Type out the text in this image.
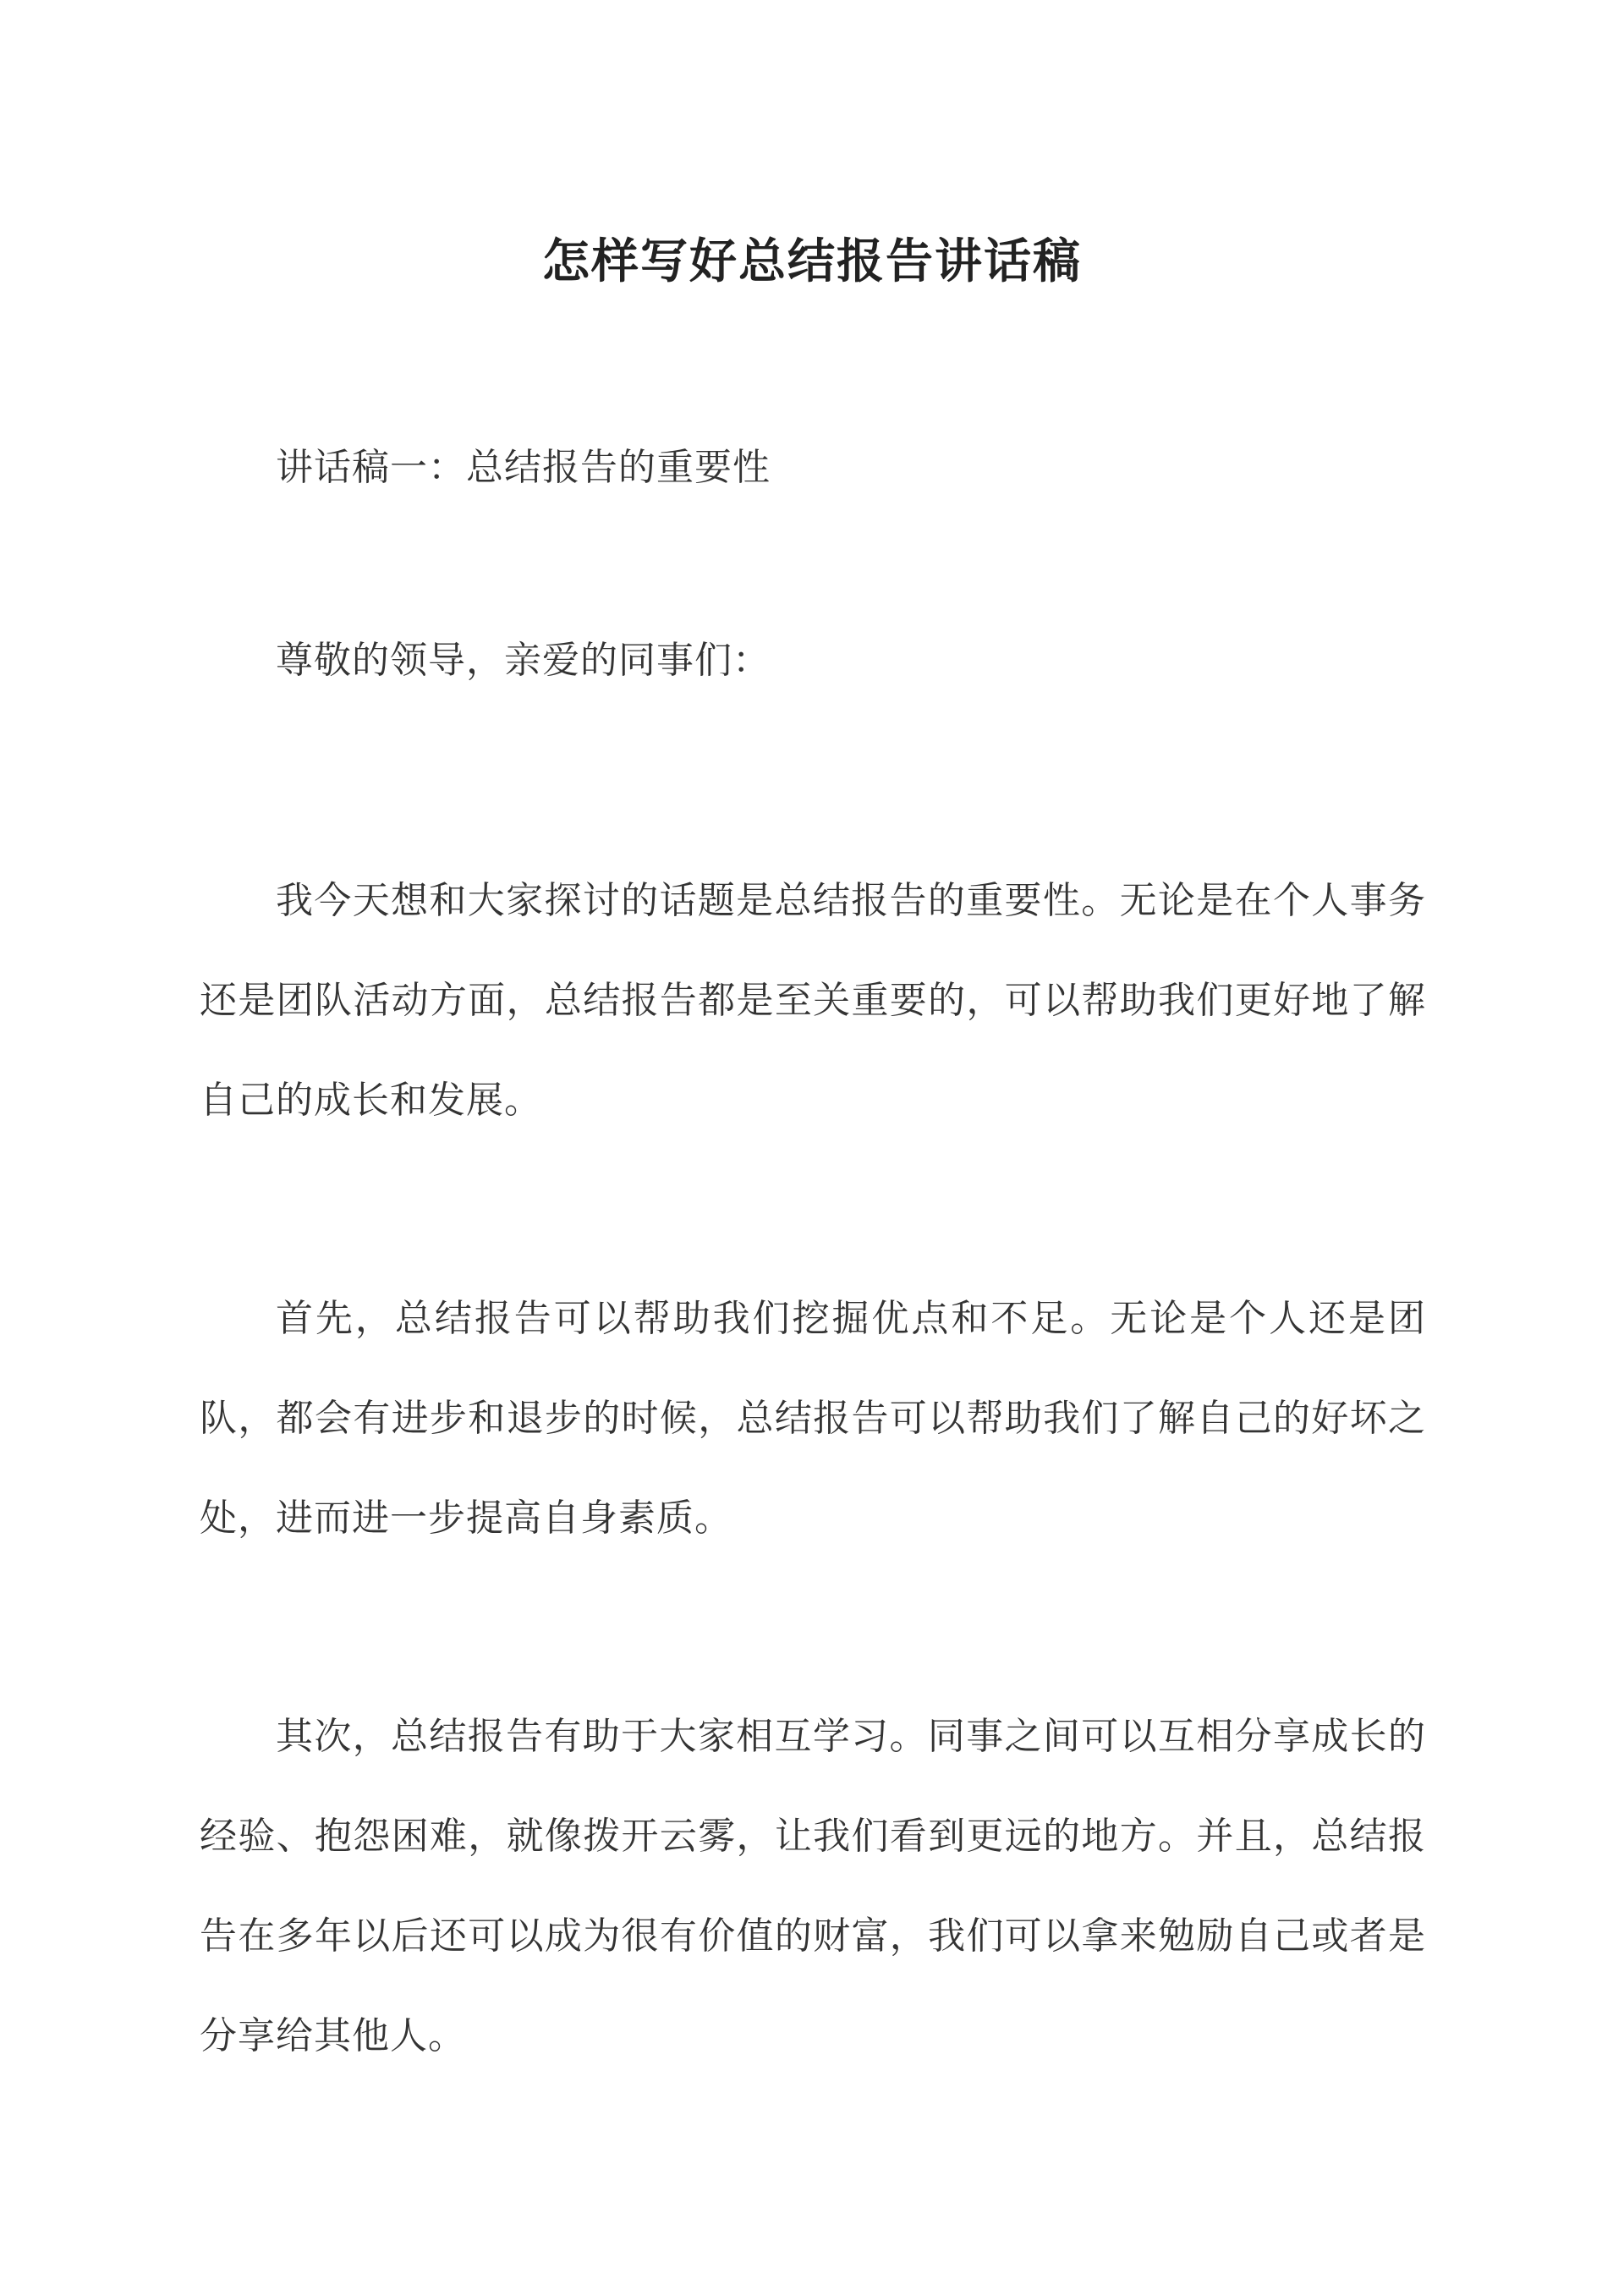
怎样写好总结报告讲话稿

讲话稿一：总结报告的重要性

尊敬的领导，亲爱的同事们：

我今天想和大家探讨的话题是总结报告的重要性。无论是在个人事务还是团队活动方面，总结报告都是至关重要的，可以帮助我们更好地了解自己的成长和发展。

首先，总结报告可以帮助我们挖掘优点和不足。无论是个人还是团队，都会有进步和退步的时候，总结报告可以帮助我们了解自己的好坏之处，进而进一步提高自身素质。

其次，总结报告有助于大家相互学习。同事之间可以互相分享成长的经验、抱怨困难，就像拨开云雾，让我们看到更远的地方。并且，总结报告在多年以后还可以成为很有价值的财富，我们可以拿来勉励自己或者是分享给其他人。
